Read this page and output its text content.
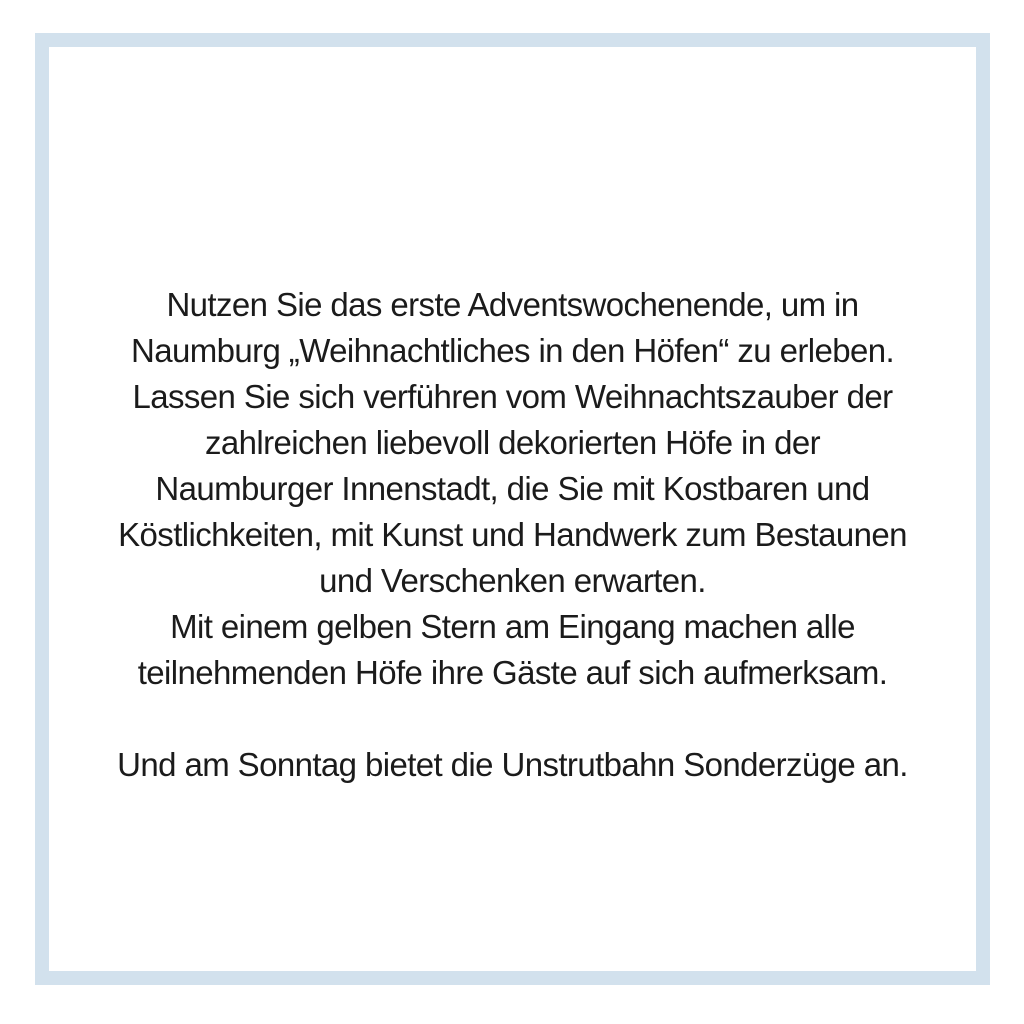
Nutzen Sie das erste Adventswochenende, um in
Naumburg „Weihnachtliches in den Höfen“ zu erleben.
Lassen Sie sich verführen vom Weihnachtszauber der
zahlreichen liebevoll dekorierten Höfe in der
Naumburger Innenstadt, die Sie mit Kostbaren und
Köstlichkeiten, mit Kunst und Handwerk zum Bestaunen
und Verschenken erwarten.
Mit einem gelben Stern am Eingang machen alle
teilnehmenden Höfe ihre Gäste auf sich aufmerksam.
Und am Sonntag bietet die Unstrutbahn Sonderzüge an.
